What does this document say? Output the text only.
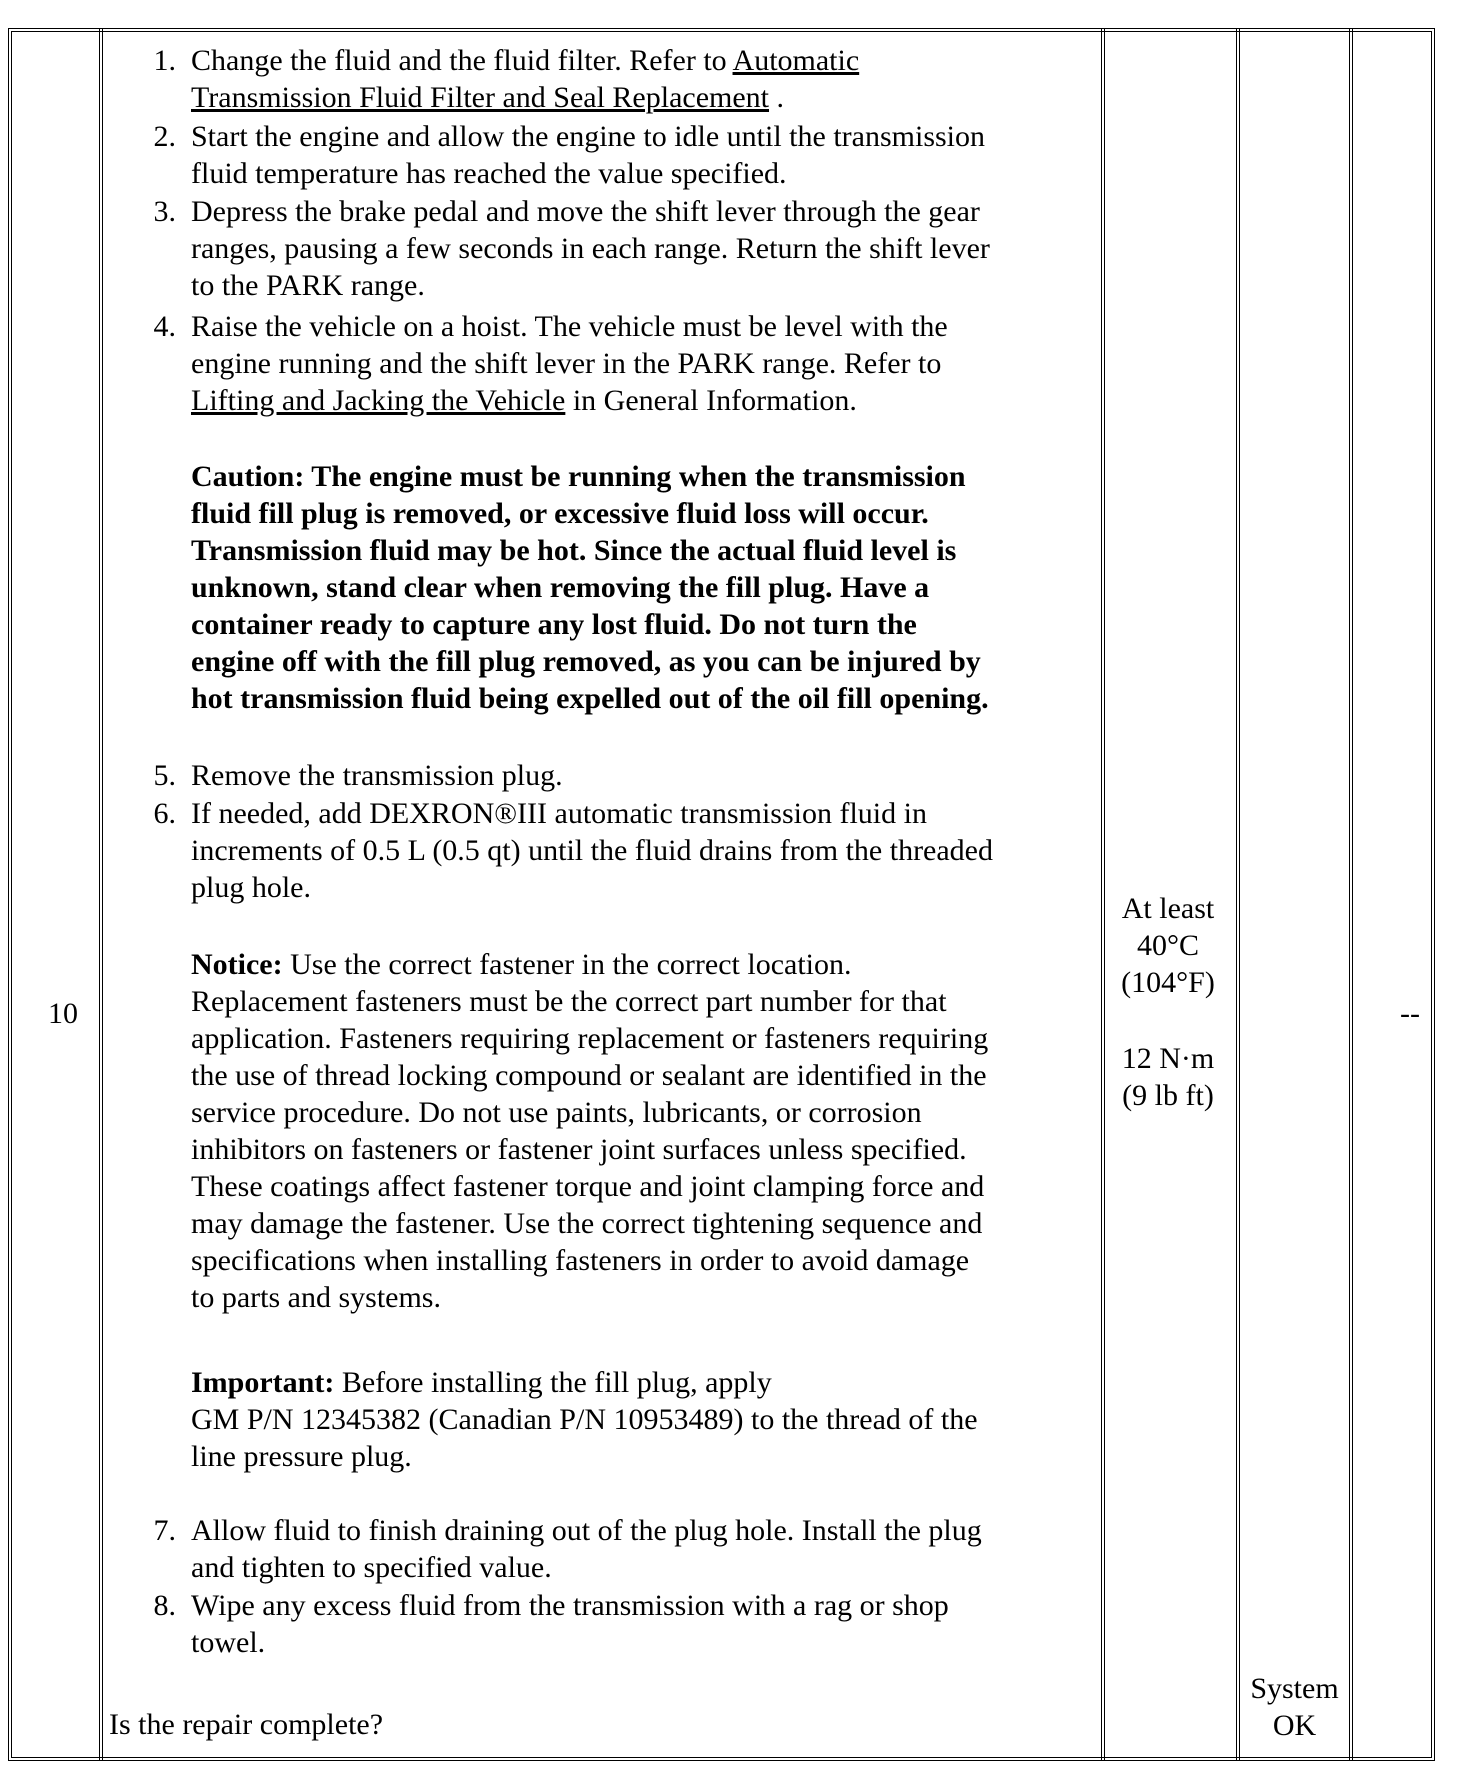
10
1. Change the fluid and the fluid filter. Refer to Automatic
Transmission Fluid Filter and Seal Replacement .
2. Start the engine and allow the engine to idle until the transmission
fluid temperature has reached the value specified.
3. Depress the brake pedal and move the shift lever through the gear
ranges, pausing a few seconds in each range. Return the shift lever
to the PARK range.
4. Raise the vehicle on a hoist. The vehicle must be level with the
engine running and the shift lever in the PARK range. Refer to
Lifting and Jacking the Vehicle in General Information.
5. Remove the transmission plug.
6. If needed, add DEXRON®III automatic transmission fluid in
increments of 0.5 L (0.5 qt) until the fluid drains from the threaded
plug hole.
7. Allow fluid to finish draining out of the plug hole. Install the plug
and tighten to specified value.
8. Wipe any excess fluid from the transmission with a rag or shop
towel.
Caution: The engine must be running when the transmission
fluid fill plug is removed, or excessive fluid loss will occur.
Transmission fluid may be hot. Since the actual fluid level is
unknown, stand clear when removing the fill plug. Have a
container ready to capture any lost fluid. Do not turn the
engine off with the fill plug removed, as you can be injured by
hot transmission fluid being expelled out of the oil fill opening.
Notice: Use the correct fastener in the correct location.
Replacement fasteners must be the correct part number for that
application. Fasteners requiring replacement or fasteners requiring
the use of thread locking compound or sealant are identified in the
service procedure. Do not use paints, lubricants, or corrosion
inhibitors on fasteners or fastener joint surfaces unless specified.
These coatings affect fastener torque and joint clamping force and
may damage the fastener. Use the correct tightening sequence and
specifications when installing fasteners in order to avoid damage
to parts and systems.
Important: Before installing the fill plug, apply
GM P/N 12345382 (Canadian P/N 10953489) to the thread of the
line pressure plug.
Is the repair complete?
At least
40°C
(104°F)
12 N·m
(9 lb ft)
System
OK
--
